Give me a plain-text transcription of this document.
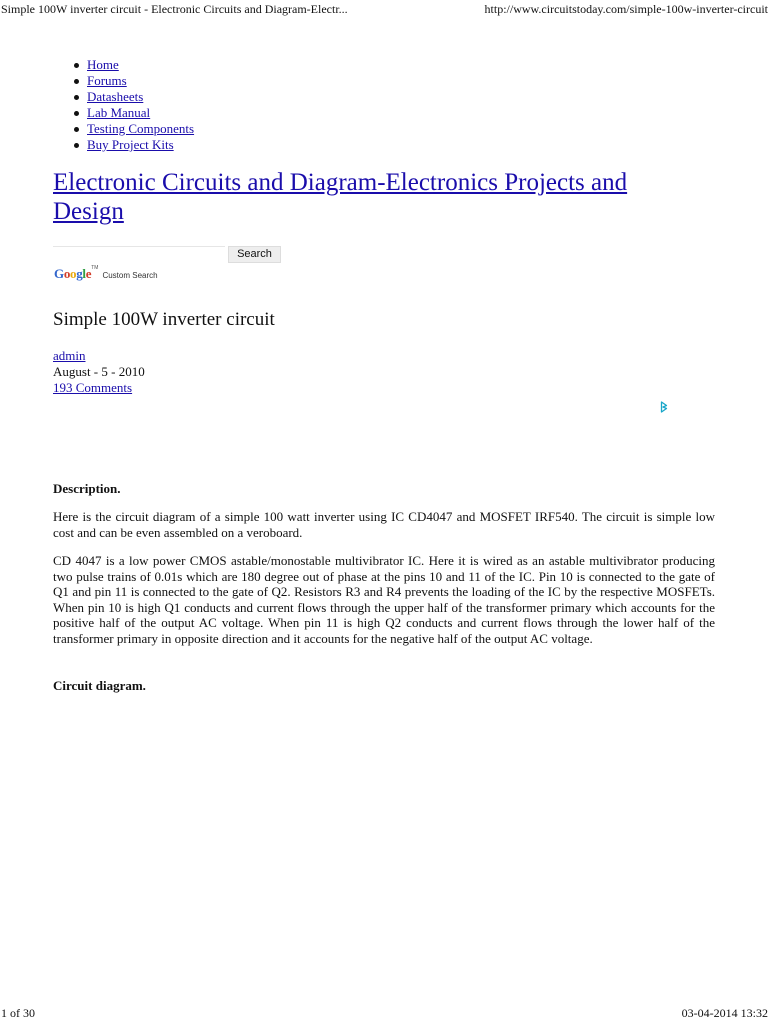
Simple 100W inverter circuit - Electronic Circuits and Diagram-Electr...	http://www.circuitstoday.com/simple-100w-inverter-circuit
Home
Forums
Datasheets
Lab Manual
Testing Components
Buy Project Kits
Electronic Circuits and Diagram-Electronics Projects and Design
Search
Google™ Custom Search
Simple 100W inverter circuit
admin
August - 5 - 2010
193 Comments
Description.
Here is the circuit diagram of a simple 100 watt inverter using IC CD4047 and MOSFET IRF540. The circuit is simple low cost and can be even assembled on a veroboard.
CD 4047 is a low power CMOS astable/monostable multivibrator IC. Here it is wired as an astable multivibrator producing two pulse trains of 0.01s which are 180 degree out of phase at the pins 10 and 11 of the IC. Pin 10 is connected to the gate of Q1 and pin 11 is connected to the gate of Q2. Resistors R3 and R4 prevents the loading of the IC by the respective MOSFETs. When pin 10 is high Q1 conducts and current flows through the upper half of the transformer primary which accounts for the positive half of the output AC voltage. When pin 11 is high Q2 conducts and current flows through the lower half of the transformer primary in opposite direction and it accounts for the negative half of the output AC voltage.
Circuit diagram.
1 of 30	03-04-2014 13:32
